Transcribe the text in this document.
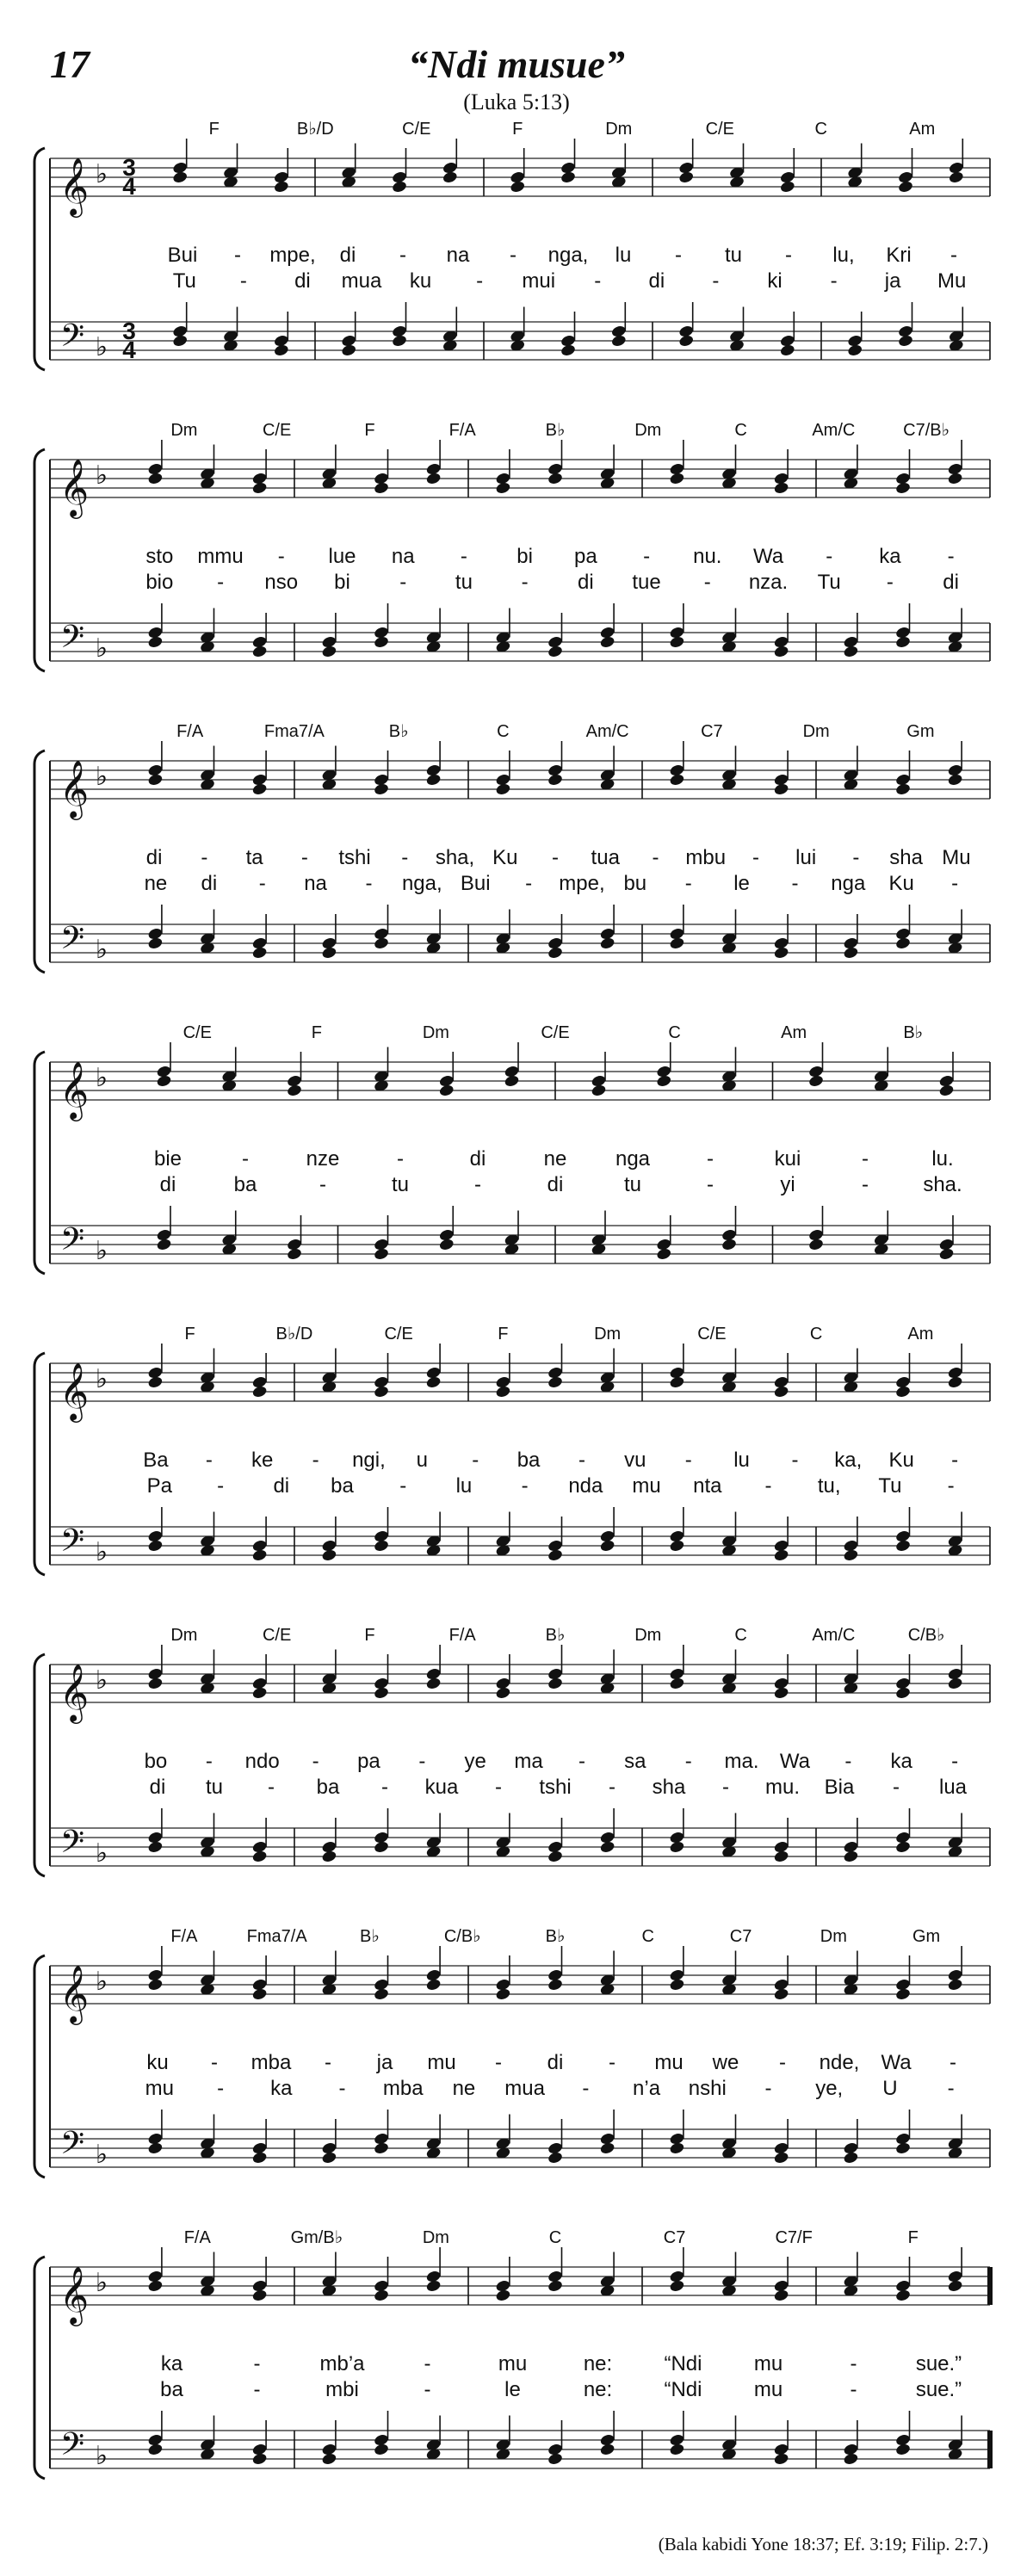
17	“Ndi musue”
(Luka 5:13)
𝄞 ♭ 3
4
𝄢 ♭
3
4
F	B♭/D	C/E	F	Dm	C/E	C	Am
Bui - mpe, di - na - nga, lu - tu - lu, Kri -
Tu - di mua ku - mui - di - ki - ja Mu
𝄞 ♭
𝄢 ♭
Dm	C/E	F	F/A	B♭	Dm	C	Am/C	C7/B♭
sto mmu - lue na - bi pa - nu. Wa - ka -
bio - nso bi - tu - di tue - nza. Tu - di
𝄞 ♭
𝄢 ♭
F/A	Fma7/A	B♭	C	Am/C	C7	Dm	Gm
di - ta - tshi - sha, Ku - tua - mbu - lui - sha Mu
ne di - na - nga, Bui - mpe, bu - le - nga Ku -
𝄞 ♭
𝄢 ♭
C/E	F	Dm	C/E	C	Am	B♭
bie	-	nze	-	di	ne nga	-	kui	-	lu.
di	ba	-	tu	-	di	tu	-	yi	-	sha.
𝄞 ♭
𝄢 ♭
F	B♭/D	C/E	F	Dm	C/E	C	Am
Ba - ke - ngi, u - ba - vu - lu - ka, Ku -
Pa - di ba - lu - nda mu nta - tu, Tu -
𝄞 ♭
𝄢 ♭
Dm	C/E	F	F/A	B♭	Dm	C	Am/C	C/B♭
bo - ndo - pa - ye ma - sa - ma. Wa - ka -
di tu - ba - kua - tshi - sha - mu. Bia - lua
𝄞 ♭
𝄢 ♭
F/A	Fma7/A	B♭	C/B♭	B♭	C	C7	Dm	Gm
ku - mba - ja mu - di - mu we - nde, Wa -
mu - ka - mba ne mua - n’a nshi - ye, U -
𝄞 ♭
𝄢 ♭
F/A	Gm/B♭	Dm	C	C7	C7/F	F
ka	-	mb’a	-	mu	ne:	“Ndi	mu	-	sue.”
ba	-	mbi	-	le	ne:	“Ndi	mu	-	sue.”
(Bala kabidi Yone 18:37; Ef. 3:19; Filip. 2:7.)
